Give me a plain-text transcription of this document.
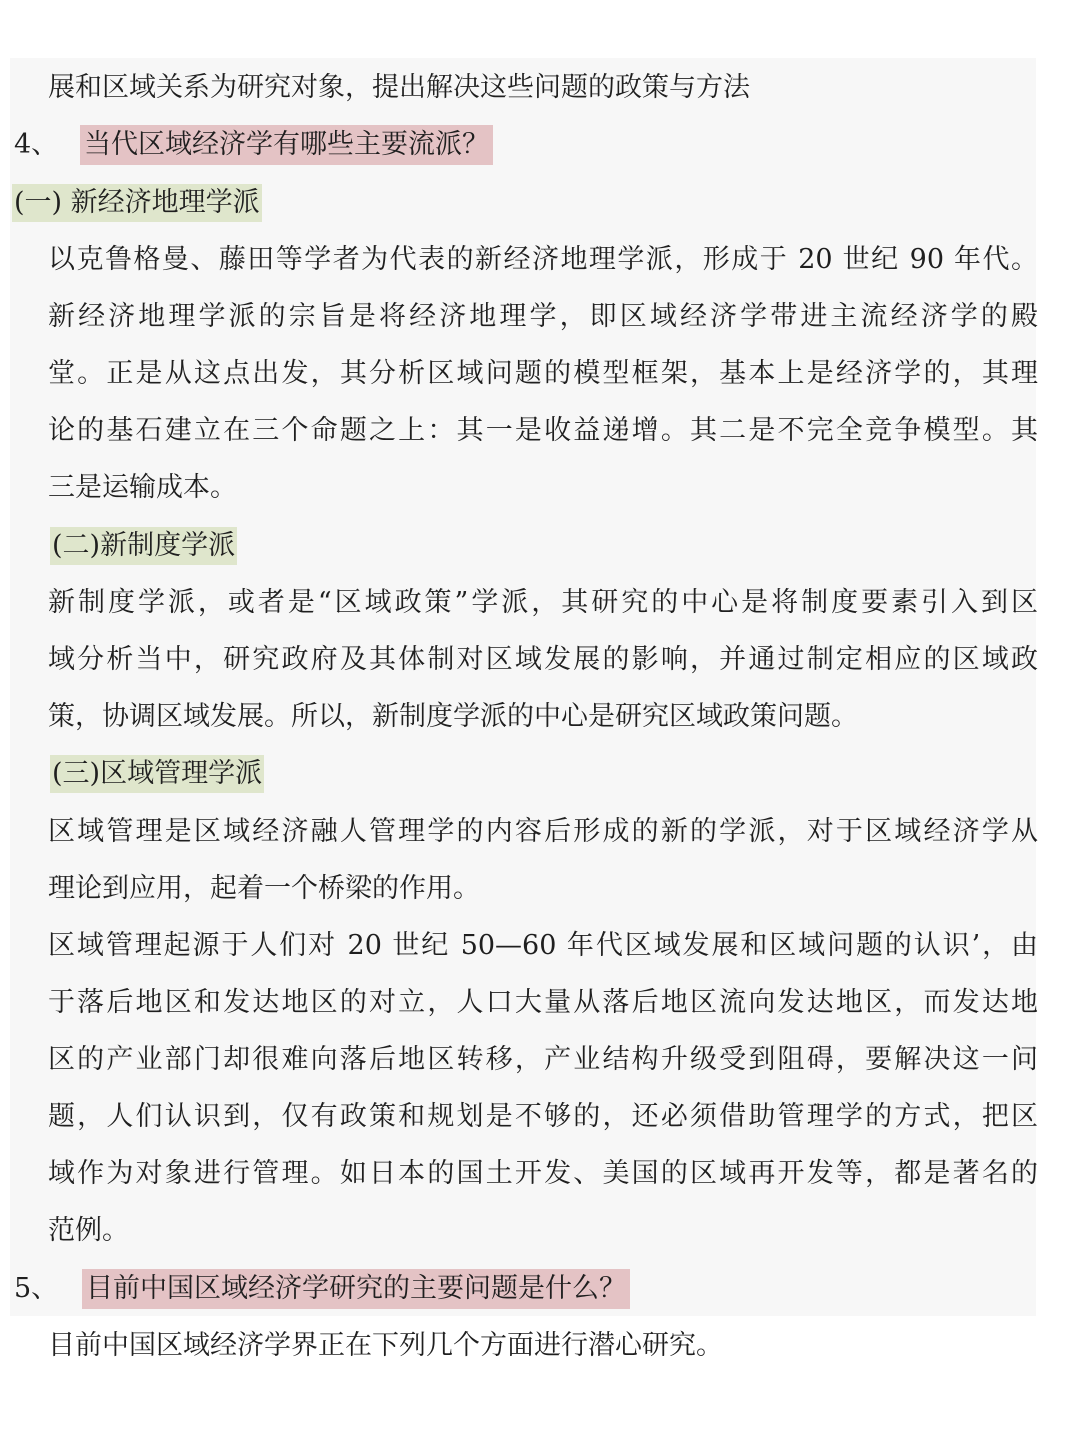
展和区域关系为研究对象，提出解决这些问题的政策与方法
4、 当代区域经济学有哪些主要流派？
(一) 新经济地理学派
以克鲁格曼、藤田等学者为代表的新经济地理学派，形成于 20 世纪 90 年代。
新经济地理学派的宗旨是将经济地理学，即区域经济学带进主流经济学的殿
堂。正是从这点出发，其分析区域问题的模型框架，基本上是经济学的，其理
论的基石建立在三个命题之上：其一是收益递增。其二是不完全竞争模型。其
三是运输成本。
(二)新制度学派
新制度学派，或者是“区域政策”学派，其研究的中心是将制度要素引入到区
域分析当中，研究政府及其体制对区域发展的影响，并通过制定相应的区域政
策，协调区域发展。所以，新制度学派的中心是研究区域政策问题。
(三)区域管理学派
区域管理是区域经济融人管理学的内容后形成的新的学派，对于区域经济学从
理论到应用，起着一个桥梁的作用。
区域管理起源于人们对 20 世纪 50—60 年代区域发展和区域问题的认识’，由
于落后地区和发达地区的对立，人口大量从落后地区流向发达地区，而发达地
区的产业部门却很难向落后地区转移，产业结构升级受到阻碍，要解决这一问
题，人们认识到，仅有政策和规划是不够的，还必须借助管理学的方式，把区
域作为对象进行管理。如日本的国土开发、美国的区域再开发等，都是著名的
范例。
5、 目前中国区域经济学研究的主要问题是什么？
目前中国区域经济学界正在下列几个方面进行潜心研究。
